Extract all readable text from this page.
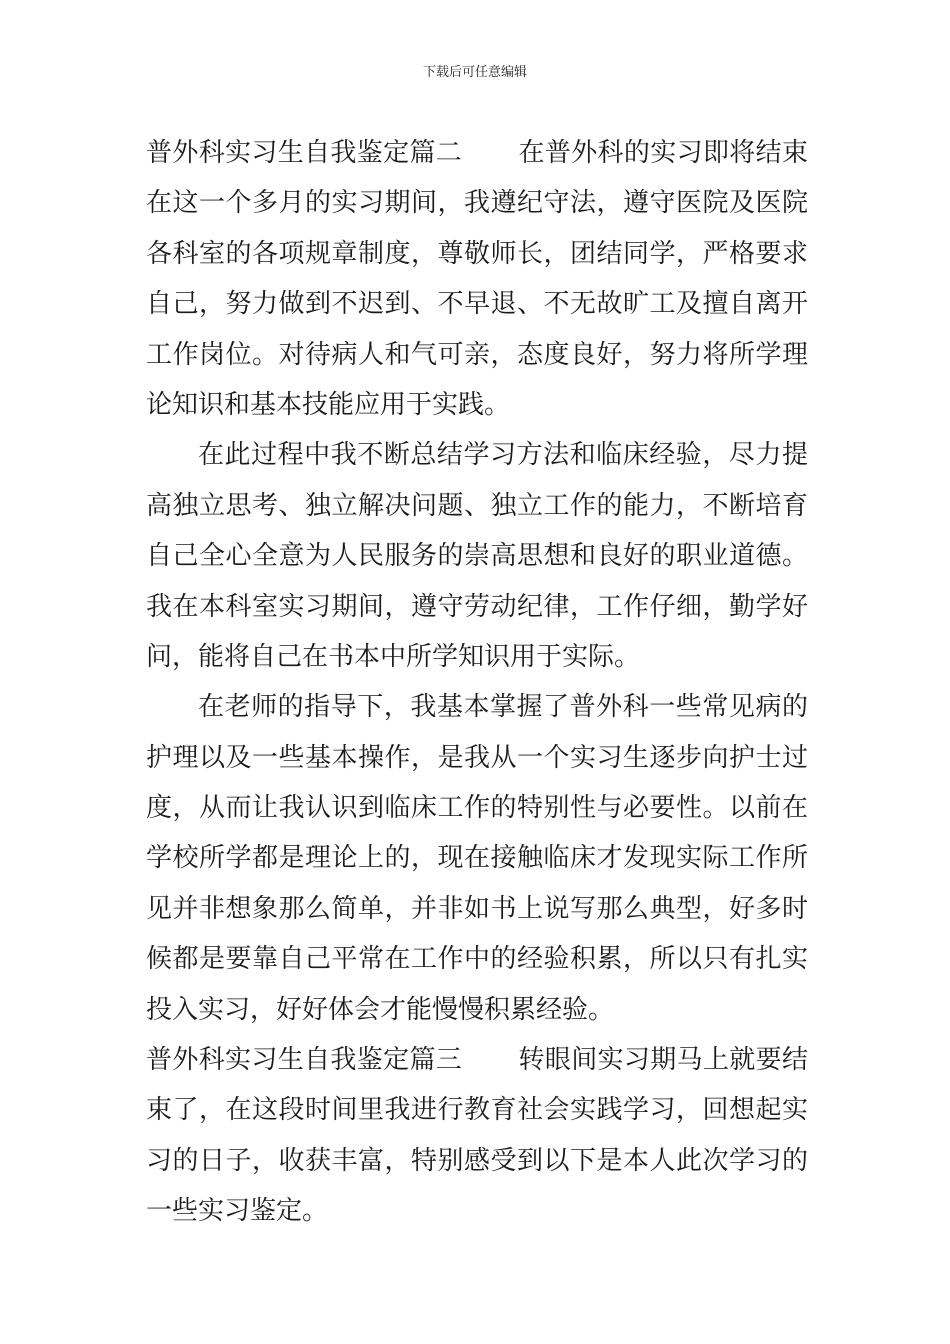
下载后可任意编辑
普外科实习生自我鉴定篇二 在普外科的实习即将结束
在这一个多月的实习期间，我遵纪守法，遵守医院及医院
各科室的各项规章制度，尊敬师长，团结同学，严格要求
自己，努力做到不迟到、不早退、不无故旷工及擅自离开
工作岗位。对待病人和气可亲，态度良好，努力将所学理
论知识和基本技能应用于实践。
在此过程中我不断总结学习方法和临床经验，尽力提
高独立思考、独立解决问题、独立工作的能力，不断培育
自己全心全意为人民服务的崇高思想和良好的职业道德。
我在本科室实习期间，遵守劳动纪律，工作仔细，勤学好
问，能将自己在书本中所学知识用于实际。
在老师的指导下，我基本掌握了普外科一些常见病的
护理以及一些基本操作，是我从一个实习生逐步向护士过
度，从而让我认识到临床工作的特别性与必要性。以前在
学校所学都是理论上的，现在接触临床才发现实际工作所
见并非想象那么简单，并非如书上说写那么典型，好多时
候都是要靠自己平常在工作中的经验积累，所以只有扎实
投入实习，好好体会才能慢慢积累经验。
普外科实习生自我鉴定篇三 转眼间实习期马上就要结
束了，在这段时间里我进行教育社会实践学习，回想起实
习的日子，收获丰富，特别感受到以下是本人此次学习的
一些实习鉴定。
